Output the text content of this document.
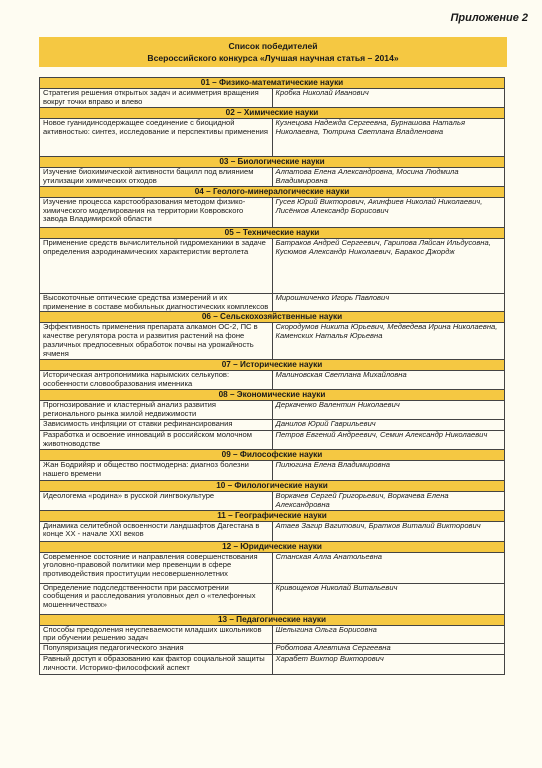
Приложение 2
Список победителей
Всероссийского конкурса «Лучшая научная статья – 2014»
01 – Физико-математические науки	
Стратегия решения открытых задач и асимметрия вращения вокруг точки вправо и влево	Кробка Николай Иванович
02 – Химические науки	
Новое гуанидинсодержащее соединение с биоцидной активностью: синтез, исследование и перспективы применения	Кузнецова Надежда Сергеевна, Бурнашова Наталья Николаевна, Тютрина Светлана Владленовна
03 – Биологические науки	
Изучение биохимической активности бацилл под влиянием утилизации химических отходов	Алпатова Елена Александровна, Мосина Людмила Владимировна
04 – Геолого-минералогические науки	
Изучение процесса карстообразования методом физико-химического моделирования на территории Ковровского завода Владимирской области	Гусев Юрий Викторович, Акинфиев Николай Николаевич, Лисёнков Александр Борисович
05 – Технические науки	
Применение средств вычислительной гидромеханики в задаче определения аэродинамических характеристик вертолета	Батраков Андрей Сергеевич, Гарипова Ляйсан Ильдусовна, Кусюмов Александр Николаевич, Баракос Джордж
Высокоточные оптические средства измерений и их применение в составе мобильных диагностических комплексов	Мирошниченко Игорь Павлович
06 – Сельскохозяйственные науки	
Эффективность применения препарата алкамон ОС-2, ПС в качестве регулятора роста и развития растений на фоне различных предпосевных обработок почвы на урожайность ячменя	Скородумов Никита Юрьевич, Медведева Ирина Николаевна, Каменских Наталья Юрьевна
07 – Исторические науки	
Историческая антропонимика нарымских селькупов: особенности словообразования именника	Малиновская Светлана Михайловна
08 – Экономические науки	
Прогнозирование и кластерный анализ развития регионального рынка жилой недвижимости	Деркаченко Валентин Николаевич
Зависимость инфляции от ставки рефинансирования	Данилов Юрий Гаврильевич
Разработка и освоение инноваций в российском молочном животноводстве	Петров Евгений Андреевич, Семин Александр Николаевич
09 – Философские науки	
Жан Бодрийяр и общество постмодерна: диагноз болезни нашего времени	Пилюгина Елена Владимировна
10 – Филологические науки	
Идеологема «родина» в русской лингвокультуре	Воркачев Сергей Григорьевич, Воркачева Елена Александровна
11 – Географические науки	
Динамика селитебной освоенности ландшафтов Дагестана в конце XX - начале XXI веков	Атаев Загир Вагитович, Братков Виталий Викторович
12 – Юридические науки	
Современное состояние и направления совершенствования уголовно-правовой политики мер превенции в сфере противодействия проституции несовершеннолетних	Станская Алла Анатольевна
Определение подследственности при рассмотрении сообщения и расследования уголовных дел о «телефонных мошенничествах»	Кривощеков Николай Витальевич
13 – Педагогические науки	
Способы преодоления неуспеваемости младших школьников при обучении решению задач	Шелыгина Ольга Борисовна
Популяризация педагогического знания	Роботова Алевтина Сергеевна
Равный доступ к образованию как фактор социальной защиты личности. Историко-философский аспект	Харабет Виктор Викторович
